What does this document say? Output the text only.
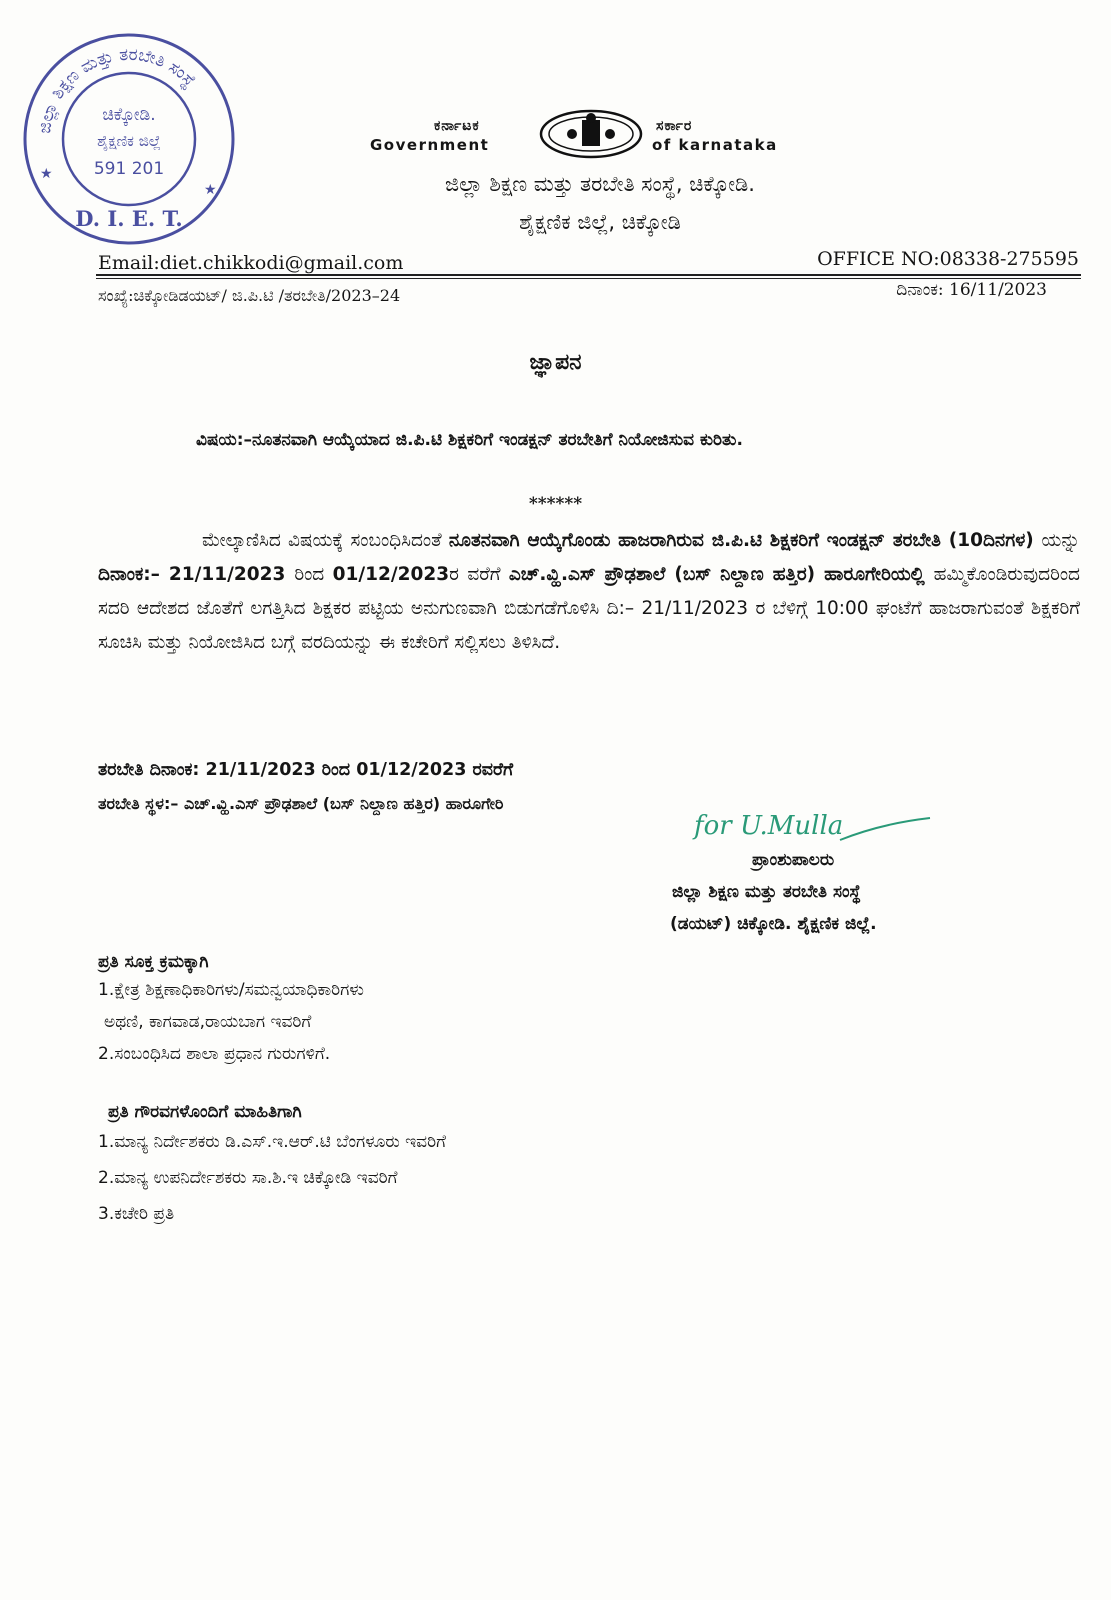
ಜಿಲ್ಲಾ ಶಿಕ್ಷಣ ಮತ್ತು ತರಬೇತಿ ಸಂಸ್ಥೆ
ಚಿಕ್ಕೋಡಿ.
ಶೈಕ್ಷಣಿಕ ಜಿಲ್ಲೆ
591 201
D. I. E. T.
★
★
ಕರ್ನಾಟಕ	ಸರ್ಕಾರ
Government	of karnataka
ಜಿಲ್ಲಾ ಶಿಕ್ಷಣ ಮತ್ತು ತರಬೇತಿ ಸಂಸ್ಥೆ, ಚಿಕ್ಕೋಡಿ.
ಶೈಕ್ಷಣಿಕ ಜಿಲ್ಲೆ, ಚಿಕ್ಕೋಡಿ
Email:diet.chikkodi@gmail.com	OFFICE NO:08338-275595
ಸಂಖ್ಯೆ:ಚಿಕ್ಕೋಡಿಡಯಟ್/ ಜಿ.ಪಿ.ಟಿ /ತರಬೇತಿ/2023–24	ದಿನಾಂಕ: 16/11/2023
ಜ್ಞಾಪನ
ವಿಷಯ:–ನೂತನವಾಗಿ ಆಯ್ಕೆಯಾದ ಜಿ.ಪಿ.ಟಿ ಶಿಕ್ಷಕರಿಗೆ ಇಂಡಕ್ಷನ್ ತರಬೇತಿಗೆ ನಿಯೋಜಿಸುವ ಕುರಿತು.
******
ಮೇಲ್ಕಾಣಿಸಿದ ವಿಷಯಕ್ಕೆ ಸಂಬಂಧಿಸಿದಂತೆ ನೂತನವಾಗಿ ಆಯ್ಕೆಗೊಂಡು ಹಾಜರಾಗಿರುವ ಜಿ.ಪಿ.ಟಿ ಶಿಕ್ಷಕರಿಗೆ ಇಂಡಕ್ಷನ್ ತರಬೇತಿ (10ದಿನಗಳ) ಯನ್ನು ದಿನಾಂಕ:– 21/11/2023 ರಿಂದ 01/12/2023ರ ವರೆಗೆ ಎಚ್.ವ್ಹಿ.ಎಸ್ ಪ್ರೌಢಶಾಲೆ (ಬಸ್ ನಿಲ್ದಾಣ ಹತ್ತಿರ) ಹಾರೂಗೇರಿಯಲ್ಲಿ ಹಮ್ಮಿಕೊಂಡಿರುವುದರಿಂದ ಸದರಿ ಆದೇಶದ ಜೊತೆಗೆ ಲಗತ್ತಿಸಿದ ಶಿಕ್ಷಕರ ಪಟ್ಟಿಯ ಅನುಗುಣವಾಗಿ ಬಿಡುಗಡೆಗೊಳಿಸಿ ದಿ:– 21/11/2023 ರ ಬೆಳಿಗ್ಗೆ 10:00 ಘಂಟೆಗೆ ಹಾಜರಾಗುವಂತೆ ಶಿಕ್ಷಕರಿಗೆ ಸೂಚಿಸಿ ಮತ್ತು ನಿಯೋಜಿಸಿದ ಬಗ್ಗೆ ವರದಿಯನ್ನು ಈ ಕಚೇರಿಗೆ ಸಲ್ಲಿಸಲು ತಿಳಿಸಿದೆ.
ತರಬೇತಿ ದಿನಾಂಕ: 21/11/2023 ರಿಂದ 01/12/2023 ರವರೆಗೆ
ತರಬೇತಿ ಸ್ಥಳ:– ಎಚ್.ವ್ಹಿ.ಎಸ್ ಪ್ರೌಢಶಾಲೆ (ಬಸ್ ನಿಲ್ದಾಣ ಹತ್ತಿರ) ಹಾರೂಗೇರಿ
for U.Mulla
ಪ್ರಾಂಶುಪಾಲರು
ಜಿಲ್ಲಾ ಶಿಕ್ಷಣ ಮತ್ತು ತರಬೇತಿ ಸಂಸ್ಥೆ
(ಡಯಟ್) ಚಿಕ್ಕೋಡಿ. ಶೈಕ್ಷಣಿಕ ಜಿಲ್ಲೆ.
ಪ್ರತಿ ಸೂಕ್ತ ಕ್ರಮಕ್ಕಾಗಿ
1.ಕ್ಷೇತ್ರ ಶಿಕ್ಷಣಾಧಿಕಾರಿಗಳು/ಸಮನ್ವಯಾಧಿಕಾರಿಗಳು
ಅಥಣಿ, ಕಾಗವಾಡ,ರಾಯಬಾಗ ಇವರಿಗೆ
2.ಸಂಬಂಧಿಸಿದ ಶಾಲಾ ಪ್ರಧಾನ ಗುರುಗಳಿಗೆ.
ಪ್ರತಿ ಗೌರವಗಳೊಂದಿಗೆ ಮಾಹಿತಿಗಾಗಿ
1.ಮಾನ್ಯ ನಿರ್ದೇಶಕರು ಡಿ.ಎಸ್.ಇ.ಆರ್.ಟಿ ಬೆಂಗಳೂರು ಇವರಿಗೆ
2.ಮಾನ್ಯ ಉಪನಿರ್ದೇಶಕರು ಸಾ.ಶಿ.ಇ ಚಿಕ್ಕೋಡಿ ಇವರಿಗೆ
3.ಕಚೇರಿ ಪ್ರತಿ
